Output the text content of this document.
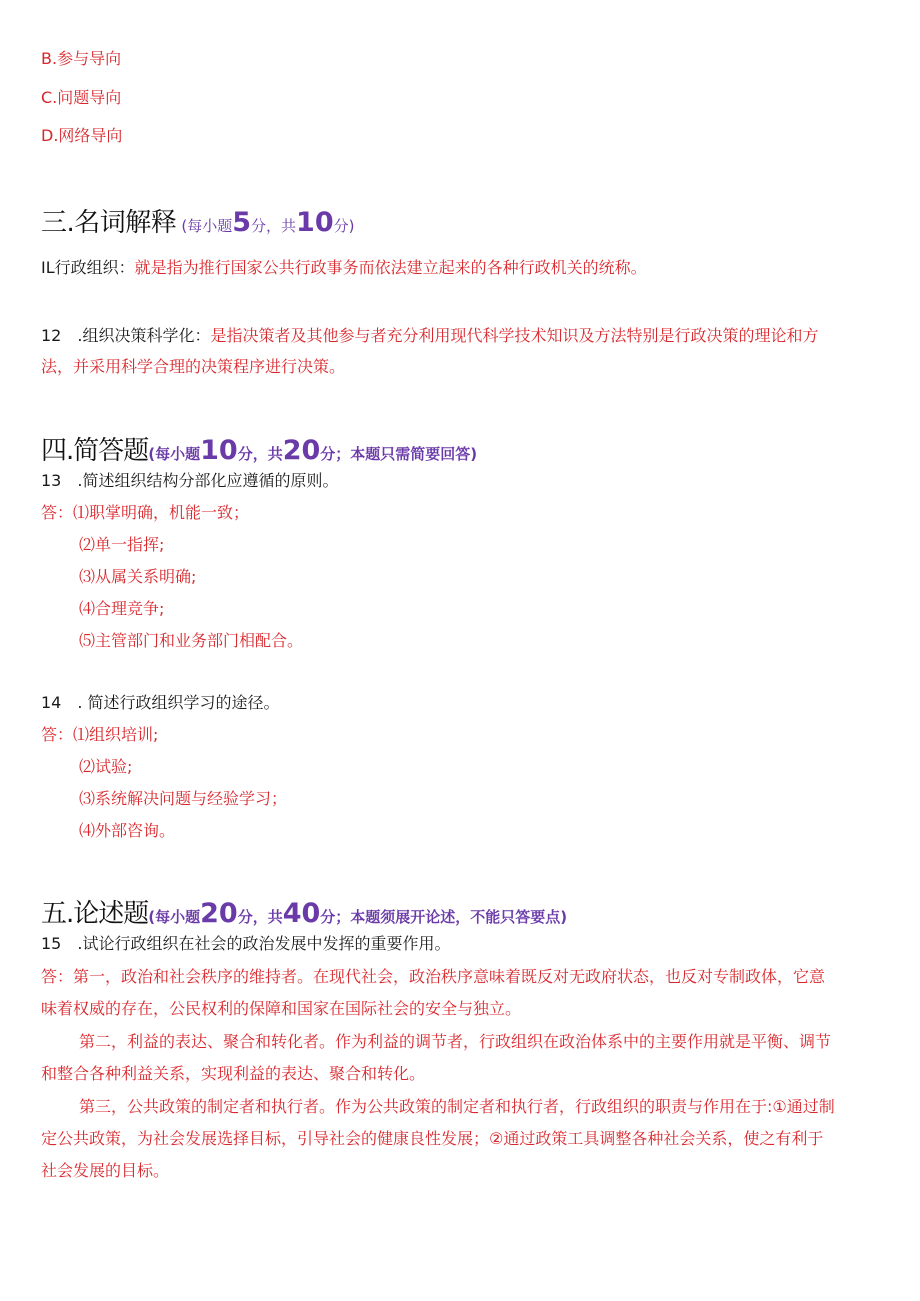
B.参与导向
C.问题导向
D.网络导向
三.名词解释 (每小题5分，共10分)
IL行政组织：就是指为推行国家公共行政事务而依法建立起来的各种行政机关的统称。
12　.组织决策科学化：是指决策者及其他参与者充分利用现代科学技术知识及方法特别是行政决策的理论和方
法，并采用科学合理的决策程序进行决策。
四.简答题(每小题10分，共20分；本题只需简要回答)
13　.简述组织结构分部化应遵循的原则。
答：⑴职掌明确，机能一致；
⑵单一指挥;
⑶从属关系明确;
⑷合理竞争;
⑸主管部门和业务部门相配合。
14　. 简述行政组织学习的途径。
答：⑴组织培训;
⑵试验;
⑶系统解决问题与经验学习；
⑷外部咨询。
五.论述题(每小题20分，共40分；本题须展开论述，不能只答要点)
15　.试论行政组织在社会的政治发展中发挥的重要作用。
答：第一，政治和社会秩序的维持者。在现代社会，政治秩序意味着既反对无政府状态，也反对专制政体，它意
味着权威的存在，公民权利的保障和国家在国际社会的安全与独立。
第二，利益的表达、聚合和转化者。作为利益的调节者，行政组织在政治体系中的主要作用就是平衡、调节
和整合各种利益关系，实现利益的表达、聚合和转化。
第三，公共政策的制定者和执行者。作为公共政策的制定者和执行者，行政组织的职责与作用在于:①通过制
定公共政策，为社会发展选择目标，引导社会的健康良性发展；②通过政策工具调整各种社会关系，使之有利于
社会发展的目标。
